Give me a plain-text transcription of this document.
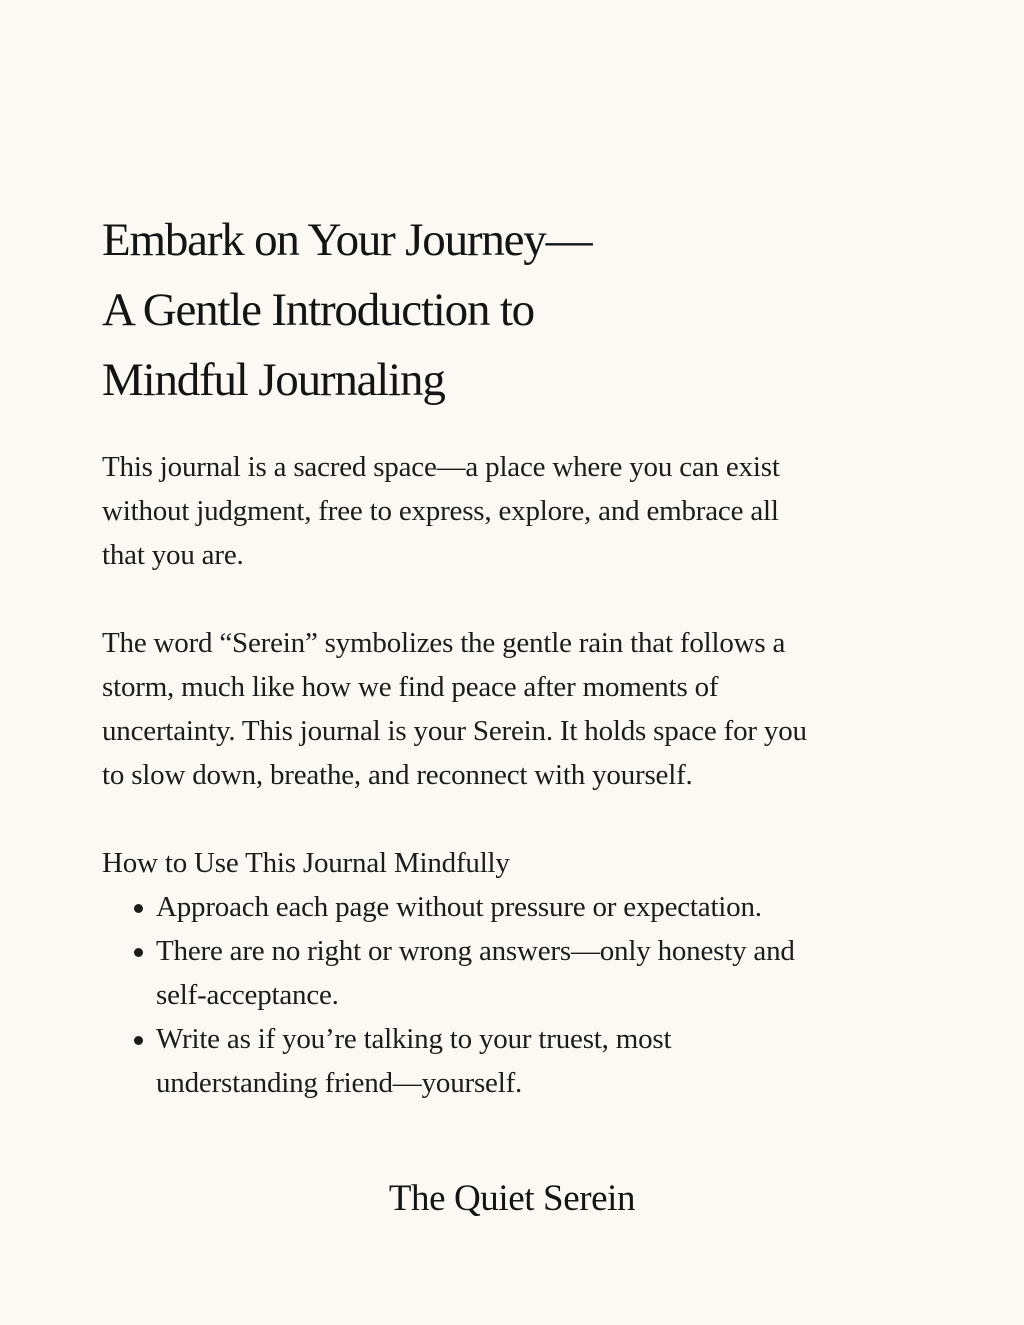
Embark on Your Journey—
A Gentle Introduction to
Mindful Journaling

This journal is a sacred space—a place where you can exist
without judgment, free to express, explore, and embrace all
that you are.

The word “Serein” symbolizes the gentle rain that follows a
storm, much like how we find peace after moments of
uncertainty. This journal is your Serein. It holds space for you
to slow down, breathe, and reconnect with yourself.

How to Use This Journal Mindfully
Approach each page without pressure or expectation.
There are no right or wrong answers—only honesty and
self-acceptance.
Write as if you’re talking to your truest, most
understanding friend—yourself.

The Quiet Serein
